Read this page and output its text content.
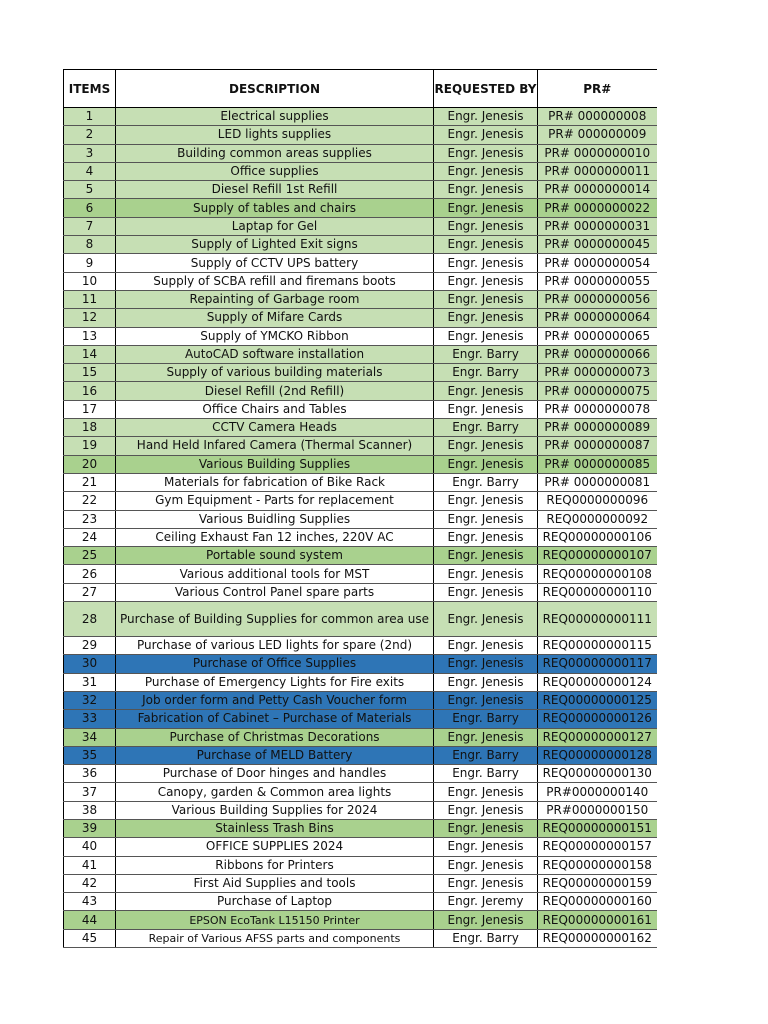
ITEMS	DESCRIPTION	REQUESTED BY	PR#
1	Electrical supplies	Engr. Jenesis	PR# 000000008
2	LED lights supplies	Engr. Jenesis	PR# 000000009
3	Building common areas supplies	Engr. Jenesis	PR# 0000000010
4	Office supplies	Engr. Jenesis	PR# 0000000011
5	Diesel Refill 1st Refill	Engr. Jenesis	PR# 0000000014
6	Supply of tables and chairs	Engr. Jenesis	PR# 0000000022
7	Laptap for Gel	Engr. Jenesis	PR# 0000000031
8	Supply of Lighted Exit signs	Engr. Jenesis	PR# 0000000045
9	Supply of CCTV UPS battery	Engr. Jenesis	PR# 0000000054
10	Supply of SCBA refill and firemans boots	Engr. Jenesis	PR# 0000000055
11	Repainting of Garbage room	Engr. Jenesis	PR# 0000000056
12	Supply of Mifare Cards	Engr. Jenesis	PR# 0000000064
13	Supply of YMCKO Ribbon	Engr. Jenesis	PR# 0000000065
14	AutoCAD software installation	Engr. Barry	PR# 0000000066
15	Supply of various building materials	Engr. Barry	PR# 0000000073
16	Diesel Refill (2nd Refill)	Engr. Jenesis	PR# 0000000075
17	Office Chairs and Tables	Engr. Jenesis	PR# 0000000078
18	CCTV Camera Heads	Engr. Barry	PR# 0000000089
19	Hand Held Infared Camera (Thermal Scanner)	Engr. Jenesis	PR# 0000000087
20	Various Building Supplies	Engr. Jenesis	PR# 0000000085
21	Materials for fabrication of Bike Rack	Engr. Barry	PR# 0000000081
22	Gym Equipment - Parts for replacement	Engr. Jenesis	REQ0000000096
23	Various Buidling Supplies	Engr. Jenesis	REQ0000000092
24	Ceiling Exhaust Fan 12 inches, 220V AC	Engr. Jenesis	REQ00000000106
25	Portable sound system	Engr. Jenesis	REQ00000000107
26	Various additional tools for MST	Engr. Jenesis	REQ00000000108
27	Various Control Panel spare parts	Engr. Jenesis	REQ00000000110
28	Purchase of Building Supplies for common area use	Engr. Jenesis	REQ00000000111
29	Purchase of various LED lights for spare (2nd)	Engr. Jenesis	REQ00000000115
30	Purchase of Office Supplies	Engr. Jenesis	REQ00000000117
31	Purchase of Emergency Lights for Fire exits	Engr. Jenesis	REQ00000000124
32	Job order form and Petty Cash Voucher form	Engr. Jenesis	REQ00000000125
33	Fabrication of Cabinet – Purchase of Materials	Engr. Barry	REQ00000000126
34	Purchase of Christmas Decorations	Engr. Jenesis	REQ00000000127
35	Purchase of MELD Battery	Engr. Barry	REQ00000000128
36	Purchase of Door hinges and handles	Engr. Barry	REQ00000000130
37	Canopy, garden & Common area lights	Engr. Jenesis	PR#0000000140
38	Various Building Supplies for 2024	Engr. Jenesis	PR#0000000150
39	Stainless Trash Bins	Engr. Jenesis	REQ00000000151
40	OFFICE SUPPLIES 2024	Engr. Jenesis	REQ00000000157
41	Ribbons for Printers	Engr. Jenesis	REQ00000000158
42	First Aid Supplies and tools	Engr. Jenesis	REQ00000000159
43	Purchase of Laptop	Engr. Jeremy	REQ00000000160
44	EPSON EcoTank L15150 Printer	Engr. Jenesis	REQ00000000161
45	Repair of Various AFSS parts and components	Engr. Barry	REQ00000000162
